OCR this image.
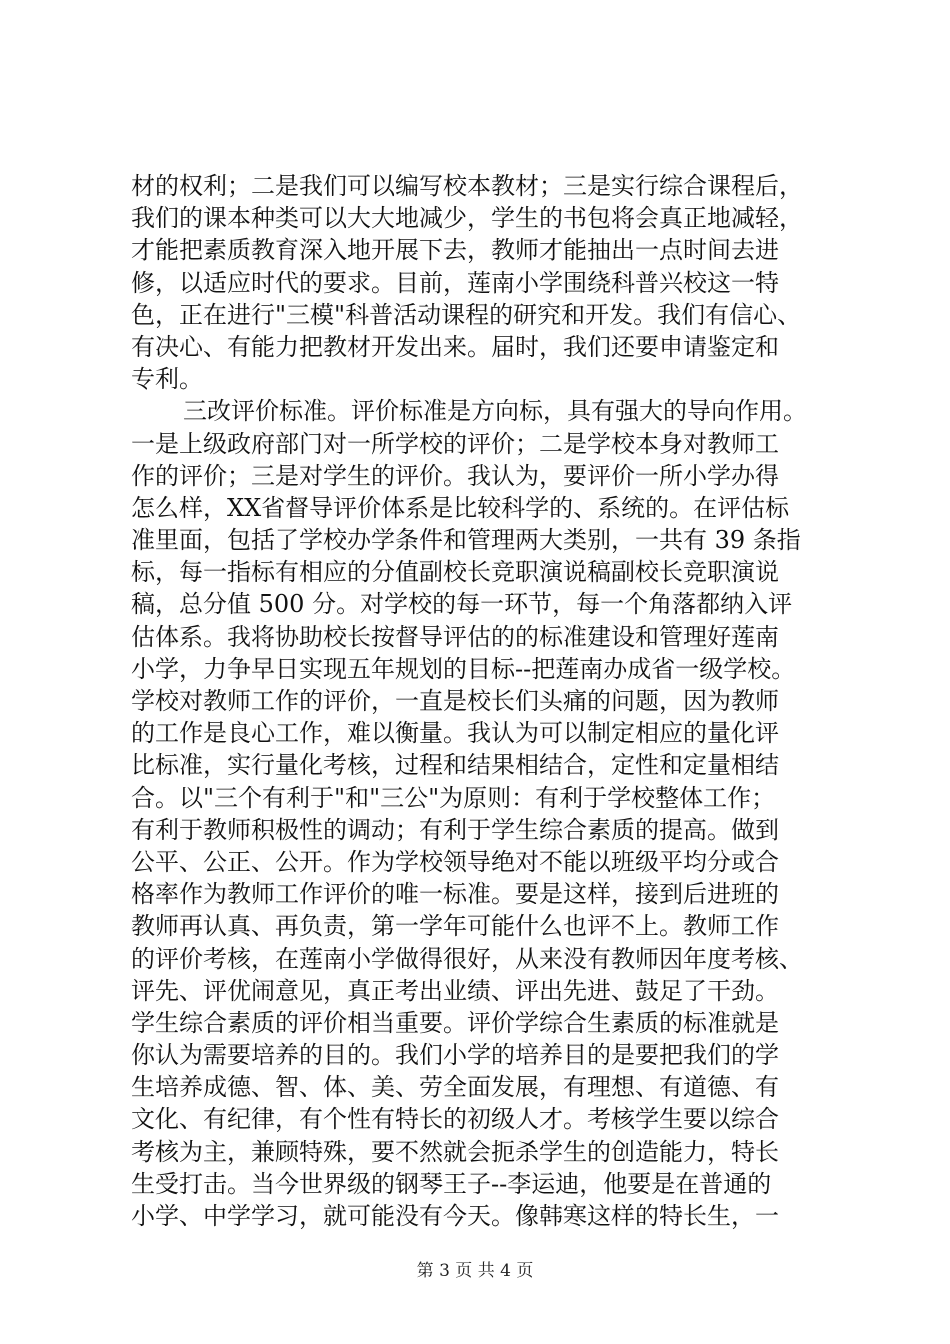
材的权利；二是我们可以编写校本教材；三是实行综合课程后，
我们的课本种类可以大大地减少，学生的书包将会真正地减轻，
才能把素质教育深入地开展下去，教师才能抽出一点时间去进
修，以适应时代的要求。目前，莲南小学围绕科普兴校这一特
色，正在进行"三模"科普活动课程的研究和开发。我们有信心、
有决心、有能力把教材开发出来。届时，我们还要申请鉴定和
专利。
三改评价标准。评价标准是方向标，具有强大的导向作用。
一是上级政府部门对一所学校的评价；二是学校本身对教师工
作的评价；三是对学生的评价。我认为，要评价一所小学办得
怎么样，XX省督导评价体系是比较科学的、系统的。在评估标
准里面，包括了学校办学条件和管理两大类别，一共有 39 条指
标，每一指标有相应的分值副校长竞职演说稿副校长竞职演说
稿，总分值 500 分。对学校的每一环节，每一个角落都纳入评
估体系。我将协助校长按督导评估的的标准建设和管理好莲南
小学，力争早日实现五年规划的目标--把莲南办成省一级学校。
学校对教师工作的评价，一直是校长们头痛的问题，因为教师
的工作是良心工作，难以衡量。我认为可以制定相应的量化评
比标准，实行量化考核，过程和结果相结合，定性和定量相结
合。以"三个有利于"和"三公"为原则：有利于学校整体工作；
有利于教师积极性的调动；有利于学生综合素质的提高。做到
公平、公正、公开。作为学校领导绝对不能以班级平均分或合
格率作为教师工作评价的唯一标准。要是这样，接到后进班的
教师再认真、再负责，第一学年可能什么也评不上。教师工作
的评价考核，在莲南小学做得很好，从来没有教师因年度考核、
评先、评优闹意见，真正考出业绩、评出先进、鼓足了干劲。
学生综合素质的评价相当重要。评价学综合生素质的标准就是
你认为需要培养的目的。我们小学的培养目的是要把我们的学
生培养成德、智、体、美、劳全面发展，有理想、有道德、有
文化、有纪律，有个性有特长的初级人才。考核学生要以综合
考核为主，兼顾特殊，要不然就会扼杀学生的创造能力，特长
生受打击。当今世界级的钢琴王子--李运迪，他要是在普通的
小学、中学学习，就可能没有今天。像韩寒这样的特长生，一
第 3 页 共 4 页
